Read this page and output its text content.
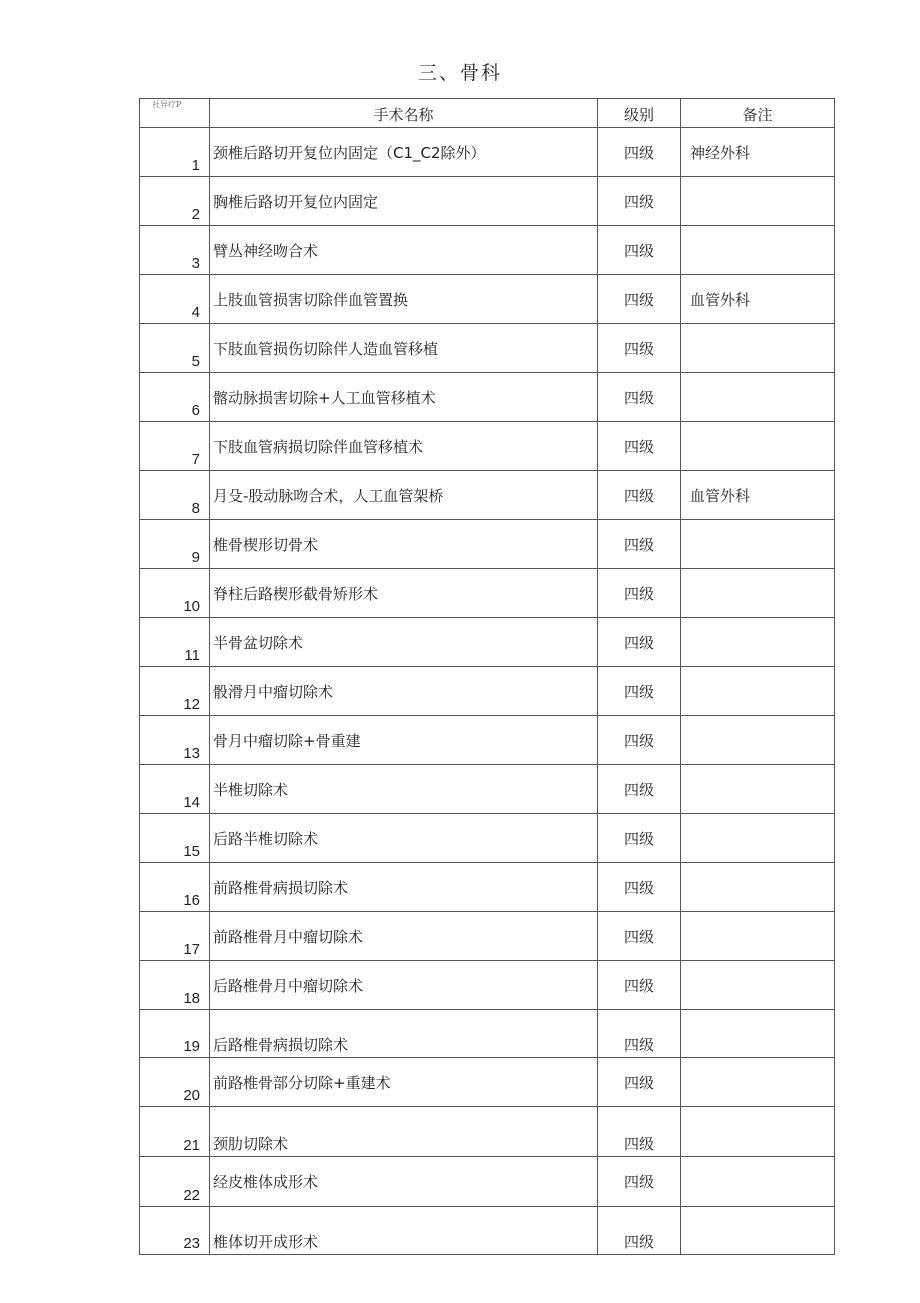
三、骨科
社异疗P	手术名称	级别	备注
1	颈椎后路切开复位内固定（C1_C2除外）	四级	神经外科
2	胸椎后路切开复位内固定	四级	
3	臂丛神经吻合术	四级	
4	上肢血管损害切除伴血管置换	四级	血管外科
5	下肢血管损伤切除伴人造血管移植	四级	
6	髂动脉损害切除+人工血管移植术	四级	
7	下肢血管病损切除伴血管移植术	四级	
8	月殳-股动脉吻合术，人工血管架桥	四级	血管外科
9	椎骨楔形切骨术	四级	
10	脊柱后路楔形截骨矫形术	四级	
11	半骨盆切除术	四级	
12	骰滑月中瘤切除术	四级	
13	骨月中瘤切除+骨重建	四级	
14	半椎切除术	四级	
15	后路半椎切除术	四级	
16	前路椎骨病损切除术	四级	
17	前路椎骨月中瘤切除术	四级	
18	后路椎骨月中瘤切除术	四级	
19	后路椎骨病损切除术	四级	
20	前路椎骨部分切除+重建术	四级	
21	颈肋切除术	四级	
22	经皮椎体成形术	四级	
23	椎体切开成形术	四级	
